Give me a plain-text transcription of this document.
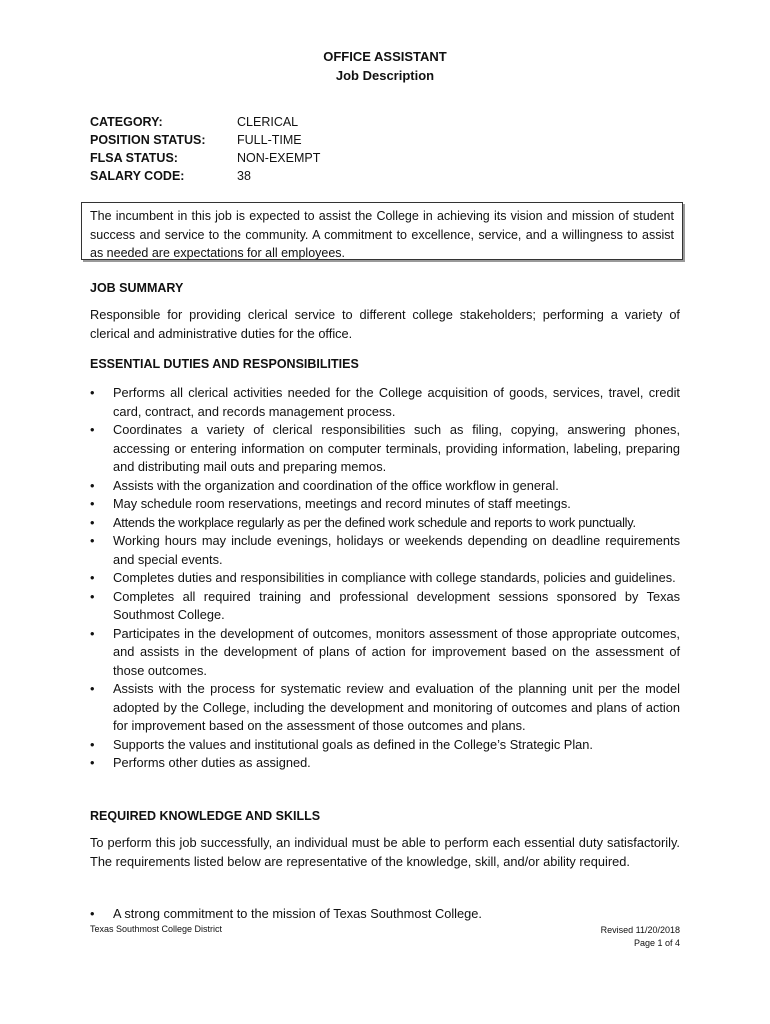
OFFICE ASSISTANT
Job Description
CATEGORY:	CLERICAL
POSITION STATUS:	FULL-TIME
FLSA STATUS:	NON-EXEMPT
SALARY CODE:	38
The incumbent in this job is expected to assist the College in achieving its vision and mission of student success and service to the community. A commitment to excellence, service, and a willingness to assist as needed are expectations for all employees.
JOB SUMMARY
Responsible for providing clerical service to different college stakeholders; performing a variety of clerical and administrative duties for the office.
ESSENTIAL DUTIES AND RESPONSIBILITIES
• Performs all clerical activities needed for the College acquisition of goods, services, travel, credit card, contract, and records management process.
• Coordinates a variety of clerical responsibilities such as filing, copying, answering phones, accessing or entering information on computer terminals, providing information, labeling, preparing and distributing mail outs and preparing memos.
• Assists with the organization and coordination of the office workflow in general.
• May schedule room reservations, meetings and record minutes of staff meetings.
• Attends the workplace regularly as per the defined work schedule and reports to work punctually.
• Working hours may include evenings, holidays or weekends depending on deadline requirements and special events.
• Completes duties and responsibilities in compliance with college standards, policies and guidelines.
• Completes all required training and professional development sessions sponsored by Texas Southmost College.
• Participates in the development of outcomes, monitors assessment of those appropriate outcomes, and assists in the development of plans of action for improvement based on the assessment of those outcomes.
• Assists with the process for systematic review and evaluation of the planning unit per the model adopted by the College, including the development and monitoring of outcomes and plans of action for improvement based on the assessment of those outcomes and plans.
• Supports the values and institutional goals as defined in the College’s Strategic Plan.
• Performs other duties as assigned.
REQUIRED KNOWLEDGE AND SKILLS
To perform this job successfully, an individual must be able to perform each essential duty satisfactorily. The requirements listed below are representative of the knowledge, skill, and/or ability required.
• A strong commitment to the mission of Texas Southmost College.
Texas Southmost College District	Revised 11/20/2018
Page 1 of 4
